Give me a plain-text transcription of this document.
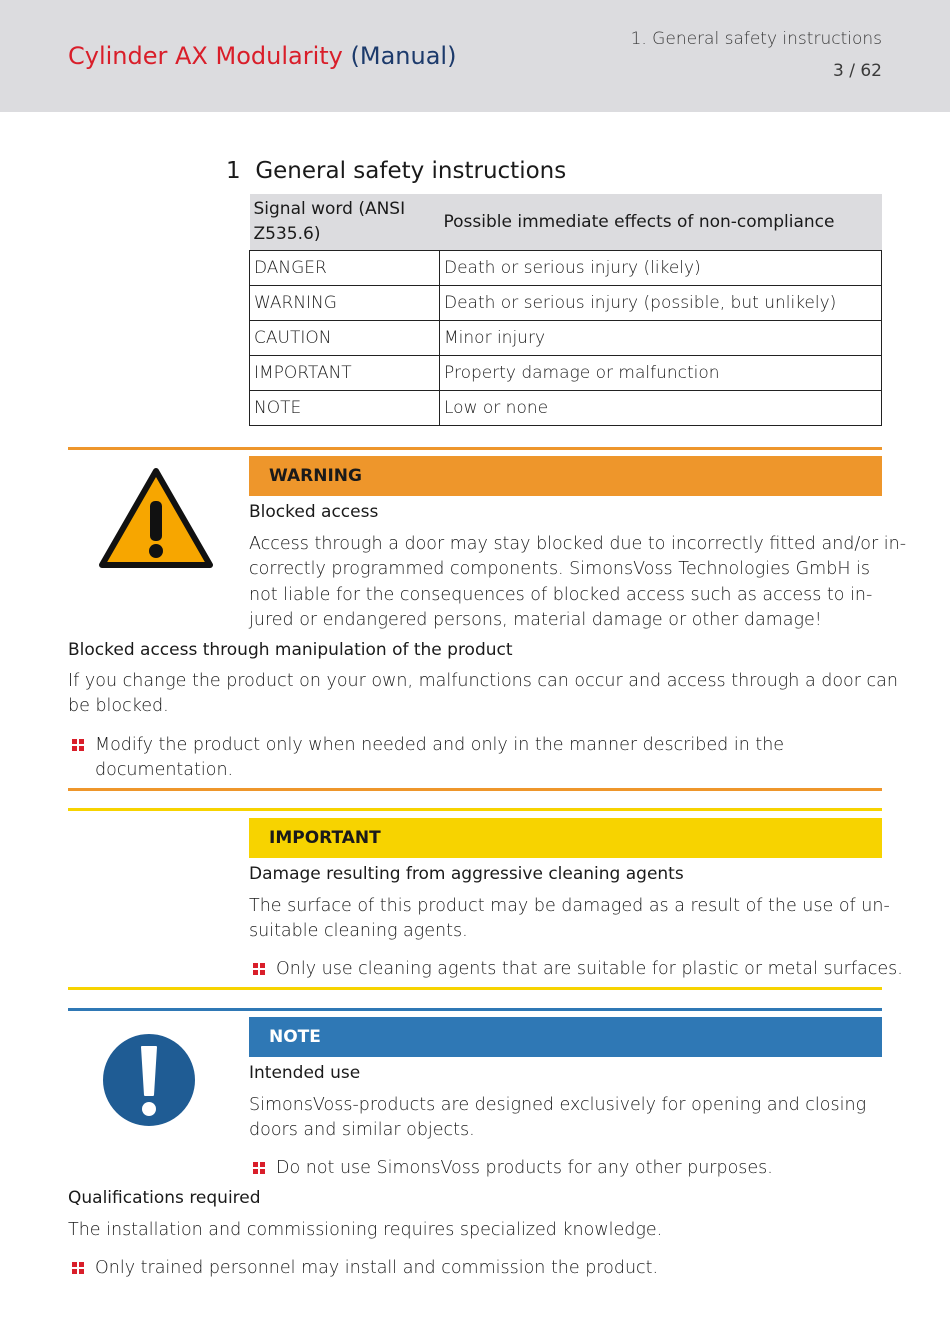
Cylinder AX Modularity (Manual)
1. General safety instructions
3 / 62
1 General safety instructions
Signal word (ANSI Z535.6)	Possible immediate effects of non-compliance
DANGER	Death or serious injury (likely)
WARNING	Death or serious injury (possible, but unlikely)
CAUTION	Minor injury
IMPORTANT	Property damage or malfunction
NOTE	Low or none
WARNING
Blocked access
Access through a door may stay blocked due to incorrectly fitted and/or in-
correctly programmed components. SimonsVoss Technologies GmbH is
not liable for the consequences of blocked access such as access to in-
jured or endangered persons, material damage or other damage!
Blocked access through manipulation of the product
If you change the product on your own, malfunctions can occur and access through a door can
be blocked.
Modify the product only when needed and only in the manner described in the
documentation.
IMPORTANT
Damage resulting from aggressive cleaning agents
The surface of this product may be damaged as a result of the use of un-
suitable cleaning agents.
Only use cleaning agents that are suitable for plastic or metal surfaces.
NOTE
Intended use
SimonsVoss-products are designed exclusively for opening and closing
doors and similar objects.
Do not use SimonsVoss products for any other purposes.
Qualifications required
The installation and commissioning requires specialized knowledge.
Only trained personnel may install and commission the product.
